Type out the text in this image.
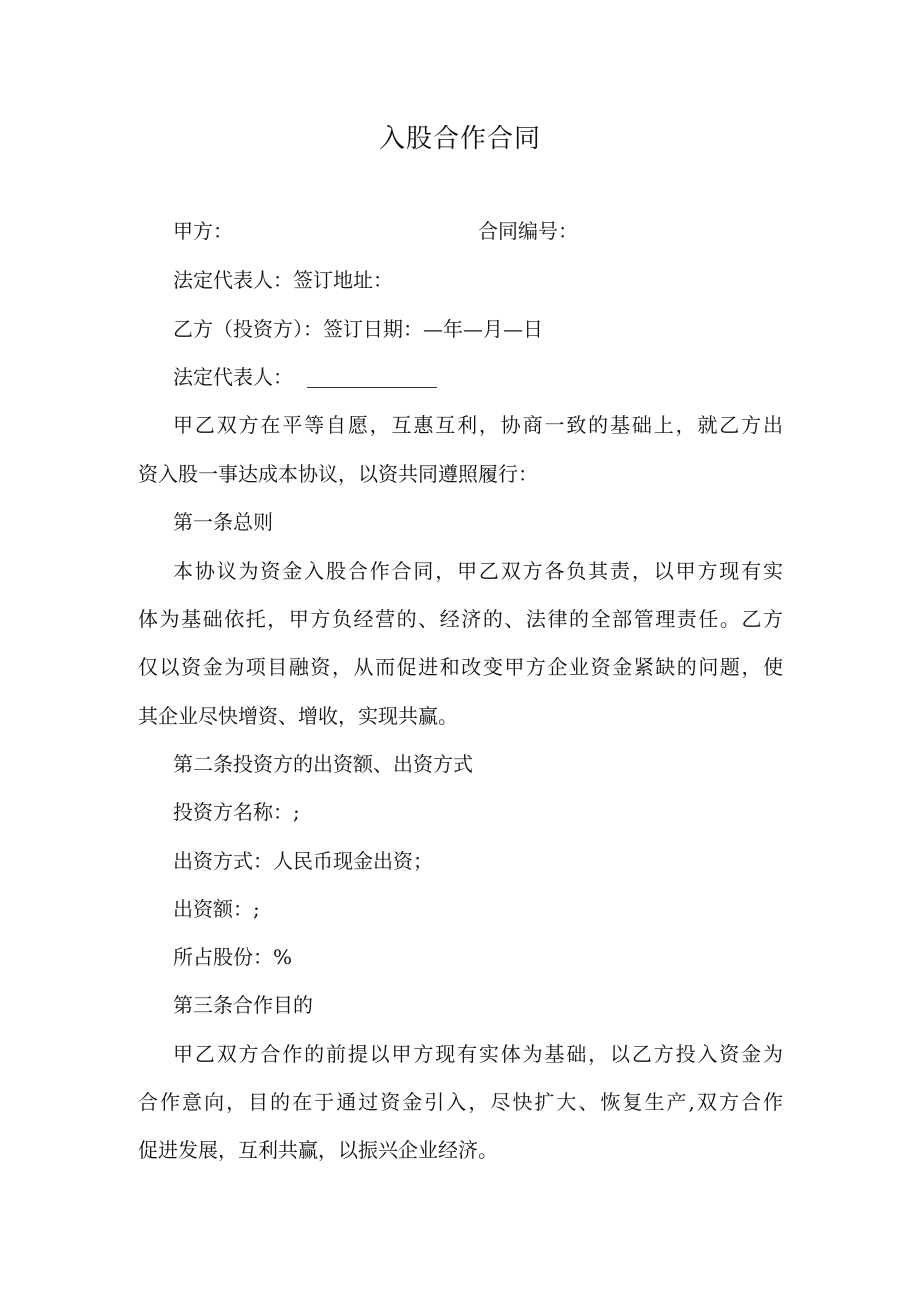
入股合作合同
甲方：	合同编号：
法定代表人：签订地址：
乙方（投资方）：签订日期：—年—月—日
法定代表人：
甲乙双方在平等自愿，互惠互利，协商一致的基础上，就乙方出
资入股一事达成本协议，以资共同遵照履行：
第一条总则
本协议为资金入股合作合同，甲乙双方各负其责，以甲方现有实
体为基础依托，甲方负经营的、经济的、法律的全部管理责任。乙方
仅以资金为项目融资，从而促进和改变甲方企业资金紧缺的问题，使
其企业尽快增资、增收，实现共赢。
第二条投资方的出资额、出资方式
投资方名称：;
出资方式：人民币现金出资；
出资额：;
所占股份：%
第三条合作目的
甲乙双方合作的前提以甲方现有实体为基础，以乙方投入资金为
合作意向，目的在于通过资金引入，尽快扩大、恢复生产,双方合作
促进发展，互利共赢，以振兴企业经济。
